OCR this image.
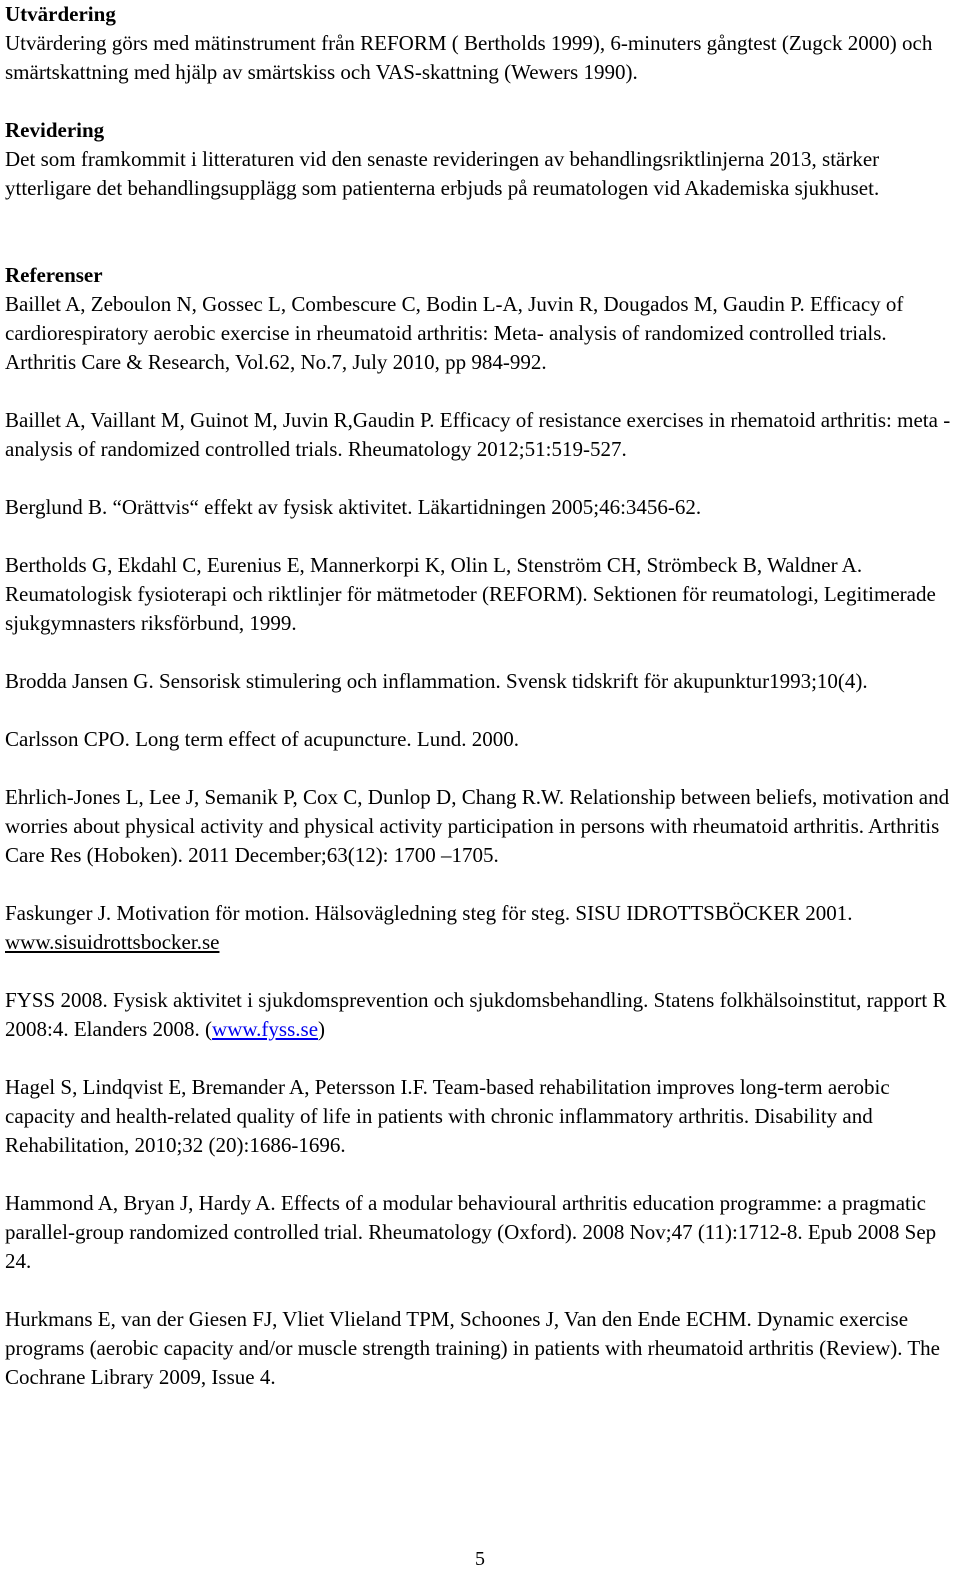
Utvärdering

Utvärdering görs med mätinstrument från REFORM ( Bertholds 1999), 6-minuters gångtest (Zugck 2000) och smärtskattning med hjälp av smärtskiss och VAS-skattning (Wewers 1990).

Revidering

Det som framkommit i litteraturen vid den senaste revideringen av behandlingsriktlinjerna 2013, stärker ytterligare det behandlingsupplägg som patienterna erbjuds på reumatologen vid Akademiska sjukhuset.

Referenser

Baillet A, Zeboulon N, Gossec L, Combescure C, Bodin L-A, Juvin R, Dougados M, Gaudin P. Efficacy of cardiorespiratory aerobic exercise in rheumatoid arthritis: Meta- analysis of randomized controlled trials. Arthritis Care & Research, Vol.62, No.7, July 2010, pp 984-992.

Baillet A, Vaillant M, Guinot M, Juvin R,Gaudin P. Efficacy of resistance exercises in rhematoid arthritis: meta -analysis of randomized controlled trials. Rheumatology 2012;51:519-527.

Berglund B. “Orättvis“ effekt av fysisk aktivitet. Läkartidningen 2005;46:3456-62.

Bertholds G, Ekdahl C, Eurenius E, Mannerkorpi K, Olin L, Stenström CH, Strömbeck B, Waldner A. Reumatologisk fysioterapi och riktlinjer för mätmetoder (REFORM). Sektionen för reumatologi, Legitimerade sjukgymnasters riksförbund, 1999.

Brodda Jansen G. Sensorisk stimulering och inflammation. Svensk tidskrift för akupunktur1993;10(4).

Carlsson CPO. Long term effect of acupuncture. Lund. 2000.

Ehrlich-Jones L, Lee J, Semanik P, Cox C, Dunlop D, Chang R.W. Relationship between beliefs, motivation and worries about physical activity and physical activity participation in persons with rheumatoid arthritis. Arthritis Care Res (Hoboken). 2011 December;63(12): 1700 –1705.

Faskunger J. Motivation för motion. Hälsovägledning steg för steg. SISU IDROTTSBÖCKER 2001. www.sisuidrottsbocker.se

FYSS 2008. Fysisk aktivitet i sjukdomsprevention och sjukdomsbehandling. Statens folkhälsoinstitut, rapport R 2008:4. Elanders 2008. (www.fyss.se)

Hagel S, Lindqvist E, Bremander A, Petersson I.F. Team-based rehabilitation improves long-term aerobic capacity and health-related quality of life in patients with chronic inflammatory arthritis. Disability and Rehabilitation, 2010;32 (20):1686-1696.

Hammond A, Bryan J, Hardy A. Effects of a modular behavioural arthritis education programme: a pragmatic parallel-group randomized controlled trial. Rheumatology (Oxford). 2008 Nov;47 (11):1712-8. Epub 2008 Sep 24.

Hurkmans E, van der Giesen FJ, Vliet Vlieland TPM, Schoones J, Van den Ende ECHM. Dynamic exercise programs (aerobic capacity and/or muscle strength training) in patients with rheumatoid arthritis (Review). The Cochrane Library 2009, Issue 4.

5
